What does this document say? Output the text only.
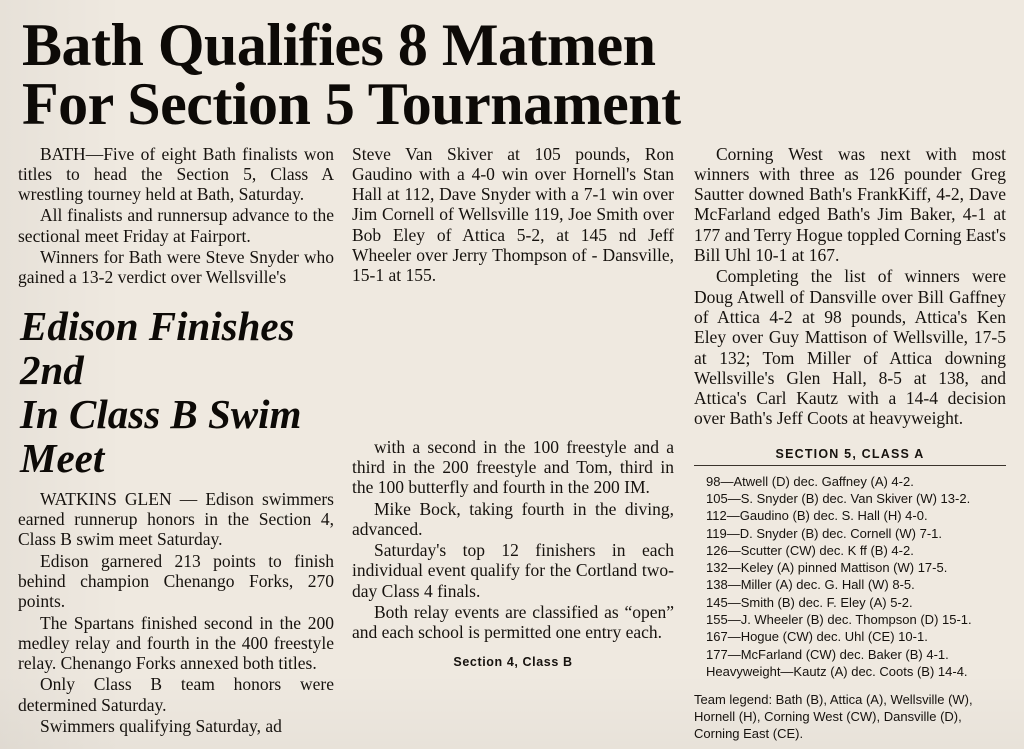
Bath Qualifies 8 Matmen
For Section 5 Tournament

BATH—Five of eight Bath finalists won titles to head the Section 5, Class A wrestling tourney held at Bath, Saturday.

All finalists and runnersup advance to the sectional meet Friday at Fairport.

Winners for Bath were Steve Snyder who gained a 13-2 verdict over Wellsville's

Edison Finishes 2nd
In Class B Swim Meet

WATKINS GLEN — Edison swimmers earned runnerup honors in the Section 4, Class B swim meet Saturday.

Edison garnered 213 points to finish behind champion Chenango Forks, 270 points.

The Spartans finished second in the 200 medley relay and fourth in the 400 freestyle relay. Chenango Forks annexed both titles.

Only Class B team honors were determined Saturday.

Swimmers qualifying Saturday, ad

Steve Van Skiver at 105 pounds, Ron Gaudino with a 4-0 win over Hornell's Stan Hall at 112, Dave Snyder with a 7-1 win over Jim Cornell of Wellsville 119, Joe Smith over Bob Eley of Attica 5-2, at 145 nd Jeff Wheeler over Jerry Thompson of - Dansville, 15-1 at 155.

with a second in the 100 freestyle and a third in the 200 freestyle and Tom, third in the 100 butterfly and fourth in the 200 IM.

Mike Bock, taking fourth in the diving, advanced.

Saturday's top 12 finishers in each individual event qualify for the Cortland two-day Class 4 finals.

Both relay events are classified as “open” and each school is permitted one entry each.

Section 4, Class B

Corning West was next with most winners with three as 126 pounder Greg Sautter downed Bath's FrankKiff, 4-2, Dave McFarland edged Bath's Jim Baker, 4-1 at 177 and Terry Hogue toppled Corning East's Bill Uhl 10-1 at 167.

Completing the list of winners were Doug Atwell of Dansville over Bill Gaffney of Attica 4-2 at 98 pounds, Attica's Ken Eley over Guy Mattison of Wellsville, 17-5 at 132; Tom Miller of Attica downing Wellsville's Glen Hall, 8-5 at 138, and Attica's Carl Kautz with a 14-4 decision over Bath's Jeff Coots at heavyweight.

SECTION 5, CLASS A

98—Atwell (D) dec. Gaffney (A) 4-2.

105—S. Snyder (B) dec. Van Skiver (W) 13-2.

112—Gaudino (B) dec. S. Hall (H) 4-0.

119—D. Snyder (B) dec. Cornell (W) 7-1.

126—Scutter (CW) dec. K ff (B) 4-2.

132—Keley (A) pinned Mattison (W) 17-5.

138—Miller (A) dec. G. Hall (W) 8-5.

145—Smith (B) dec. F. Eley (A) 5-2.

155—J. Wheeler (B) dec. Thompson (D) 15-1.

167—Hogue (CW) dec. Uhl (CE) 10-1.

177—McFarland (CW) dec. Baker (B) 4-1.

Heavyweight—Kautz (A) dec. Coots (B) 14-4.

Team legend: Bath (B), Attica (A), Wellsville (W), Hornell (H), Corning West (CW), Dansville (D), Corning East (CE).
